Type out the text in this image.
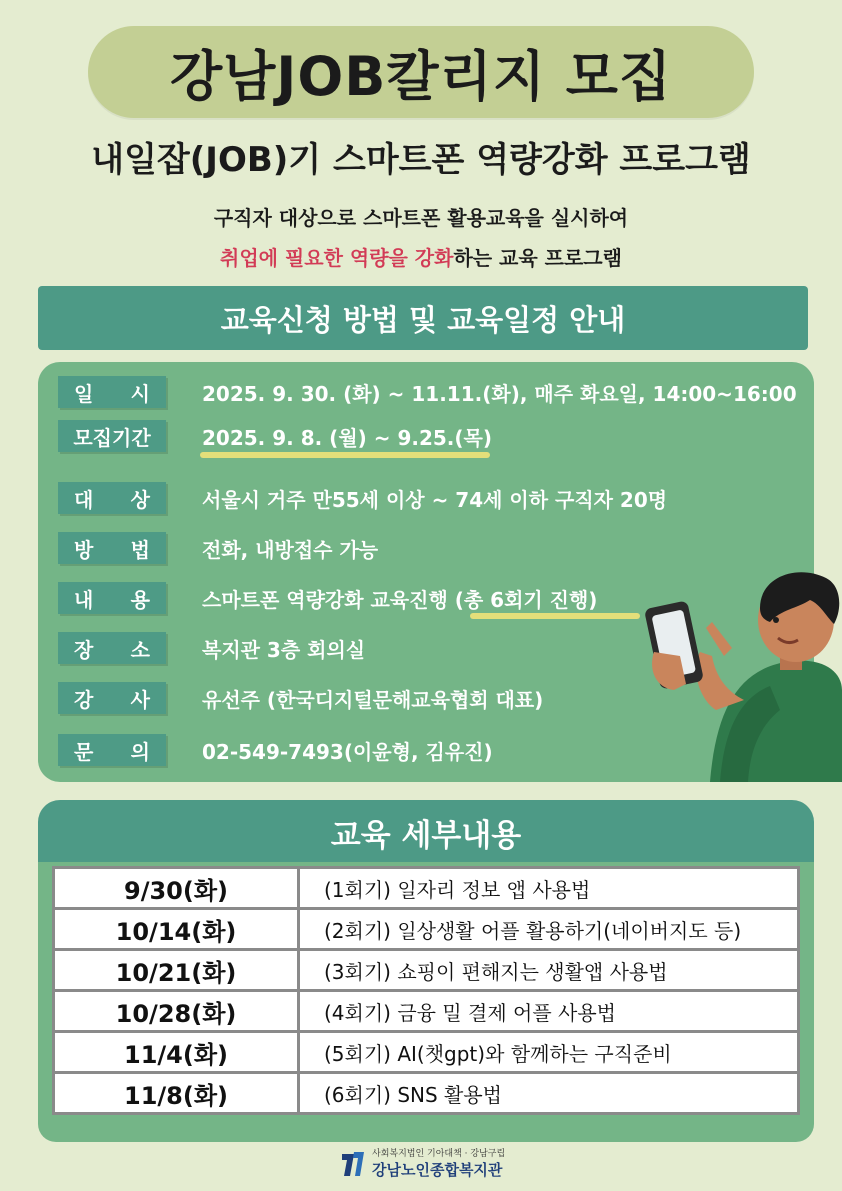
강남JOB칼리지 모집
내일잡(JOB)기 스마트폰 역량강화 프로그램
구직자 대상으로 스마트폰 활용교육을 실시하여
취업에 필요한 역량을 강화하는 교육 프로그램
교육신청 방법 및 교육일정 안내
일 시	2025. 9. 30. (화) ~ 11.11.(화), 매주 화요일, 14:00~16:00
모집기간	2025. 9. 8. (월) ~ 9.25.(목)
대 상	서울시 거주 만55세 이상 ~ 74세 이하 구직자 20명
방 법	전화, 내방접수 가능
내 용	스마트폰 역량강화 교육진행 (총 6회기 진행)
장 소	복지관 3층 회의실
강 사	유선주 (한국디지털문해교육협회 대표)
문 의	02-549-7493(이윤형, 김유진)
교육 세부내용
9/30(화)	(1회기) 일자리 정보 앱 사용법
10/14(화)	(2회기) 일상생활 어플 활용하기(네이버지도 등)
10/21(화)	(3회기) 쇼핑이 편해지는 생활앱 사용법
10/28(화)	(4회기) 금융 밀 결제 어플 사용법
11/4(화)	(5회기) AI(챗gpt)와 함께하는 구직준비
11/8(화)	(6회기) SNS 활용법
사회복지법인 기아대책 · 강남구립
강남노인종합복지관
